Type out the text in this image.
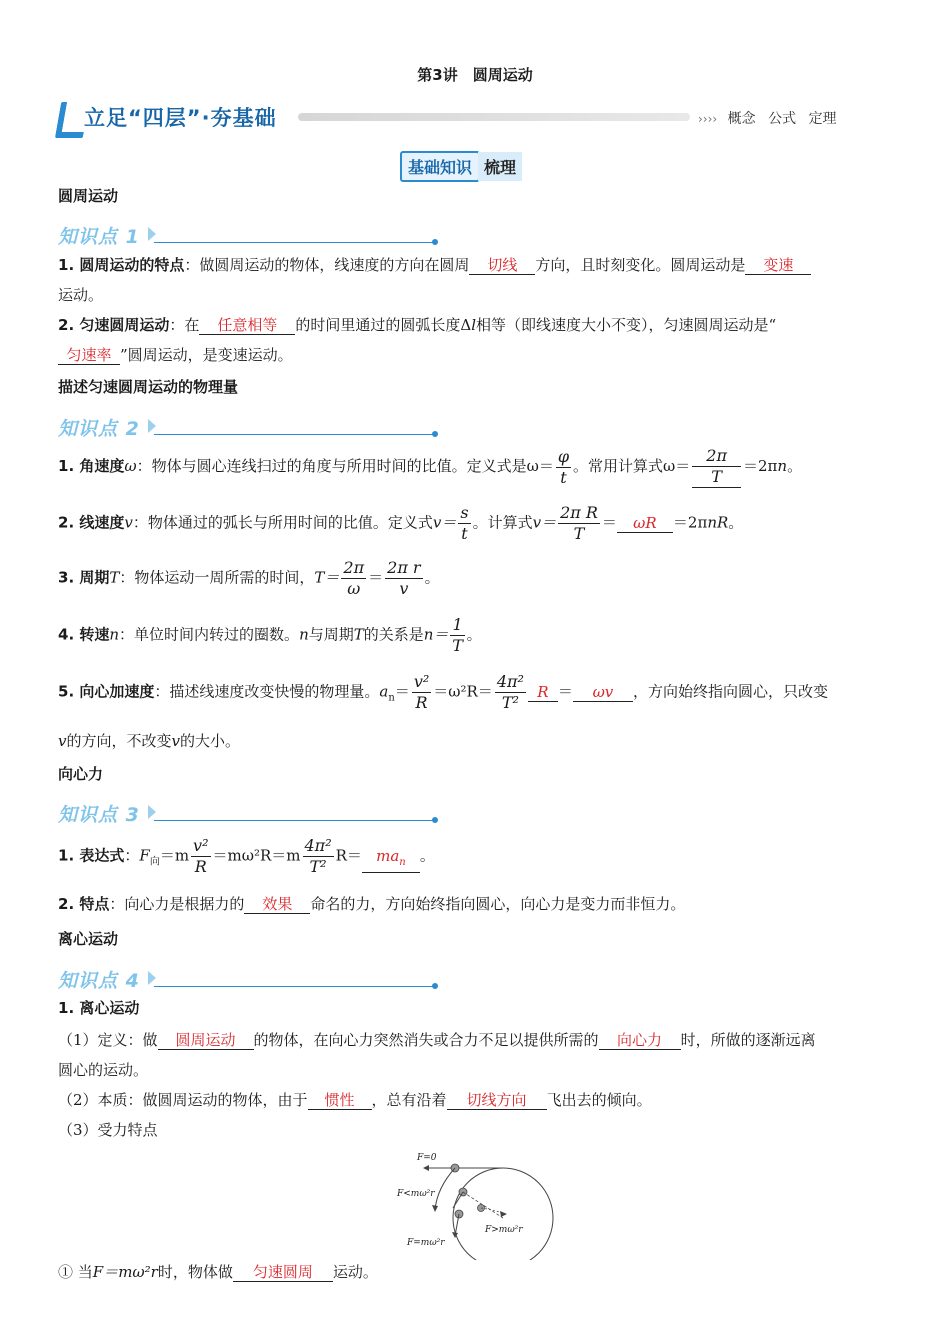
第3讲　圆周运动
立足“四层”·夯基础	›››› 概念 公式 定理
基础知识 梳理
圆周运动
知识点 1
1. 圆周运动的特点：做圆周运动的物体，线速度的方向在圆周 切线 方向，且时刻变化。圆周运动是 变速
运动。
2. 匀速圆周运动：在 任意相等 的时间里通过的圆弧长度Δl相等（即线速度大小不变），匀速圆周运动是“
匀速率 ”圆周运动，是变速运动。
描述匀速圆周运动的物理量
知识点 2
1. 角速度ω：物体与圆心连线扫过的角度与所用时间的比值。定义式是$\omega= \frac{\varphi}{t}$ 。常用计算式$\omega= \frac{2\pi}{T} =2\pi n$。
2. 线速度v：物体通过的弧长与所用时间的比值。定义式$v= \frac{s}{t}$ 。计算式$v= \frac{\text{2π R}}{T} = \omega R =2\pi nR$。
3. 周期T：物体运动一周所需的时间，$T= \frac{2\pi}{\omega} = \frac{\text{2π r}}{v}$ 。
4. 转速n：单位时间内转过的圈数。n与周期T的关系是$n= \frac{1}{T}$ 。
5. 向心加速度：描述线速度改变快慢的物理量。$a_n= \frac{\text{v²}}{R} =\omega^2R= \frac{\text{4π²}}{\text{T²}}$ R ＝ ωv ，方向始终指向圆心，只改变
v的方向，不改变v的大小。
向心力
知识点 3
1. 表达式：$F_向=m \frac{\text{v²}}{R} =m\omega^2R=m \frac{\text{4π²}}{\text{T²}} R= ma_n$ 。
2. 特点：向心力是根据力的 效果 命名的力，方向始终指向圆心，向心力是变力而非恒力。
离心运动
知识点 4
1. 离心运动
（1）定义：做 圆周运动 的物体，在向心力突然消失或合力不足以提供所需的 向心力 时，所做的逐渐远离
圆心的运动。
（2）本质：做圆周运动的物体，由于 惯性 ，总有沿着 切线方向 飞出去的倾向。
（3）受力特点
F=0
F<mω²r
F>mω²r
F=mω²r
① 当F＝mω²r时，物体做 匀速圆周 运动。
